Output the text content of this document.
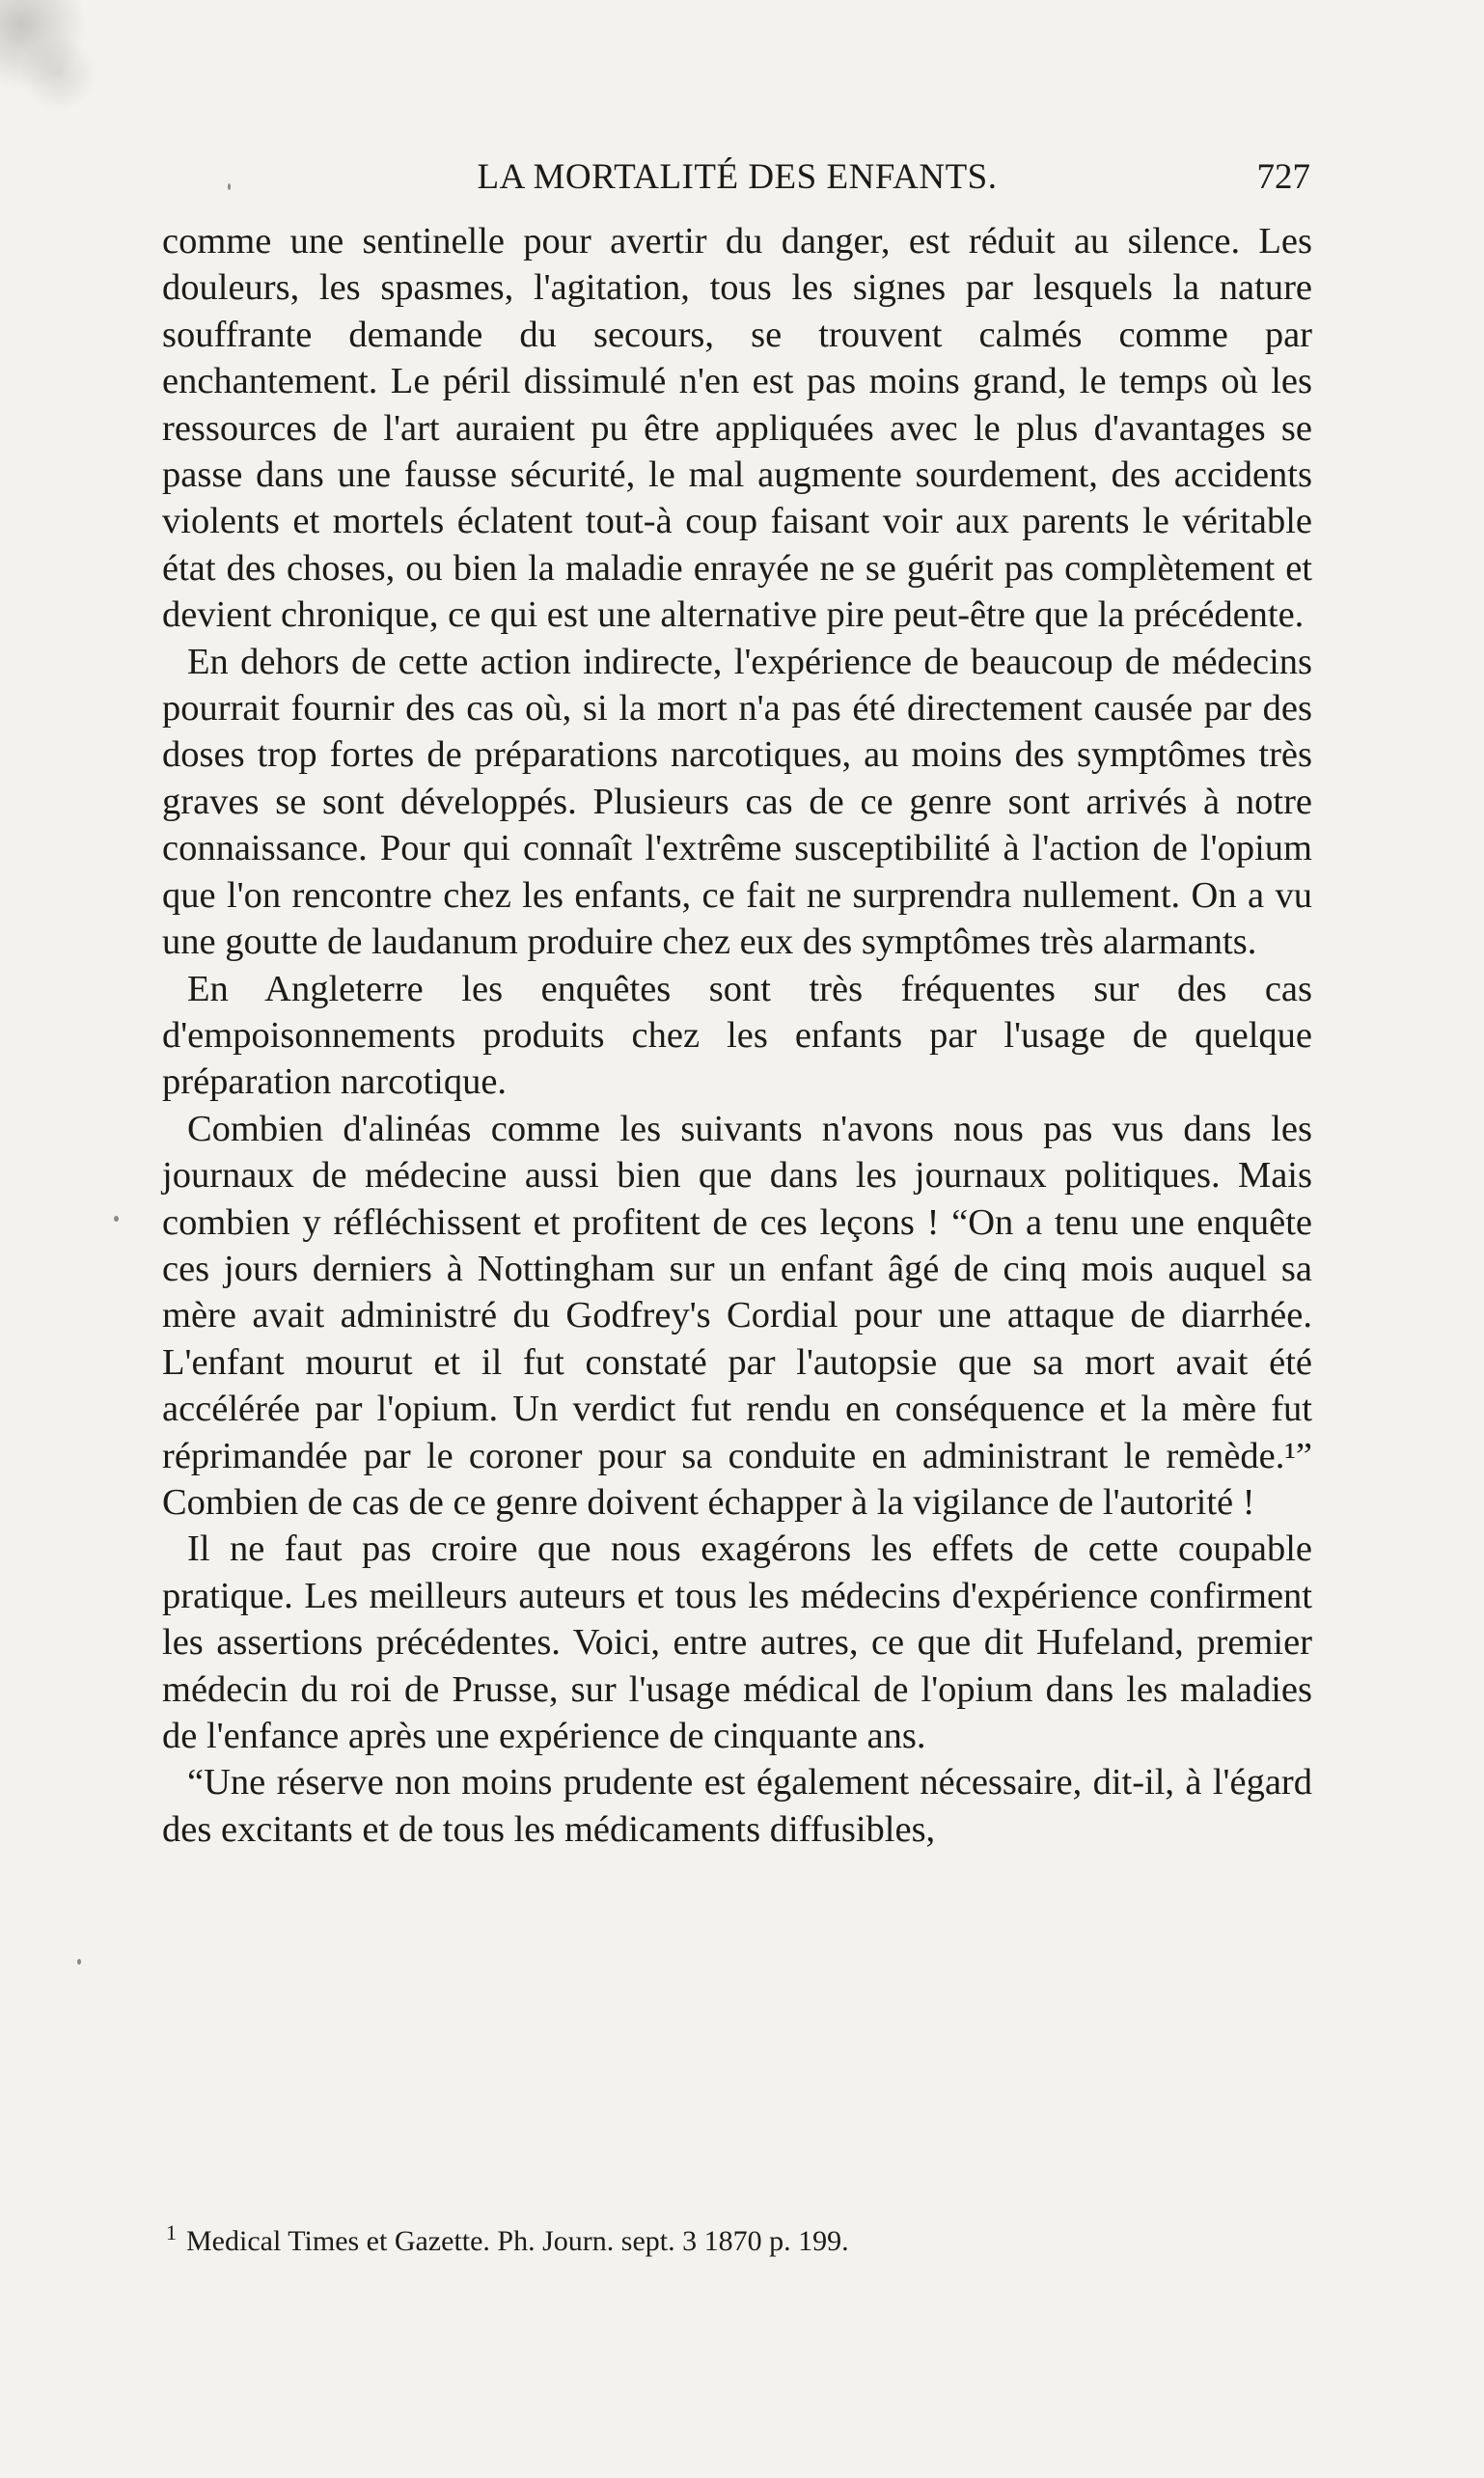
LA MORTALITÉ DES ENFANTS.	727

comme une sentinelle pour avertir du danger, est réduit au silence. Les douleurs, les spasmes, l'agitation, tous les signes par lesquels la nature souffrante demande du secours, se trouvent calmés comme par enchantement. Le péril dissimulé n'en est pas moins grand, le temps où les ressources de l'art auraient pu être appliquées avec le plus d'avantages se passe dans une fausse sécurité, le mal augmente sourdement, des accidents violents et mortels éclatent tout-à coup faisant voir aux parents le véritable état des choses, ou bien la maladie enrayée ne se guérit pas complètement et devient chronique, ce qui est une alternative pire peut-être que la précédente.

En dehors de cette action indirecte, l'expérience de beaucoup de médecins pourrait fournir des cas où, si la mort n'a pas été directement causée par des doses trop fortes de préparations narcotiques, au moins des symptômes très graves se sont développés. Plusieurs cas de ce genre sont arrivés à notre connaissance. Pour qui connaît l'extrême susceptibilité à l'action de l'opium que l'on rencontre chez les enfants, ce fait ne surprendra nullement. On a vu une goutte de laudanum produire chez eux des symptômes très alarmants.

En Angleterre les enquêtes sont très fréquentes sur des cas d'empoisonnements produits chez les enfants par l'usage de quelque préparation narcotique.

Combien d'alinéas comme les suivants n'avons nous pas vus dans les journaux de médecine aussi bien que dans les journaux politiques. Mais combien y réfléchissent et profitent de ces leçons ! “On a tenu une enquête ces jours derniers à Nottingham sur un enfant âgé de cinq mois auquel sa mère avait administré du Godfrey's Cordial pour une attaque de diarrhée. L'enfant mourut et il fut constaté par l'autopsie que sa mort avait été accélérée par l'opium. Un verdict fut rendu en conséquence et la mère fut réprimandée par le coroner pour sa conduite en administrant le remède.¹” Combien de cas de ce genre doivent échapper à la vigilance de l'autorité !

Il ne faut pas croire que nous exagérons les effets de cette coupable pratique. Les meilleurs auteurs et tous les médecins d'expérience confirment les assertions précédentes. Voici, entre autres, ce que dit Hufeland, premier médecin du roi de Prusse, sur l'usage médical de l'opium dans les maladies de l'enfance après une expérience de cinquante ans.

“Une réserve non moins prudente est également nécessaire, dit-il, à l'égard des excitants et de tous les médicaments diffusibles,

$^1$ Medical Times et Gazette. Ph. Journ. sept. 3 1870 p. 199.
